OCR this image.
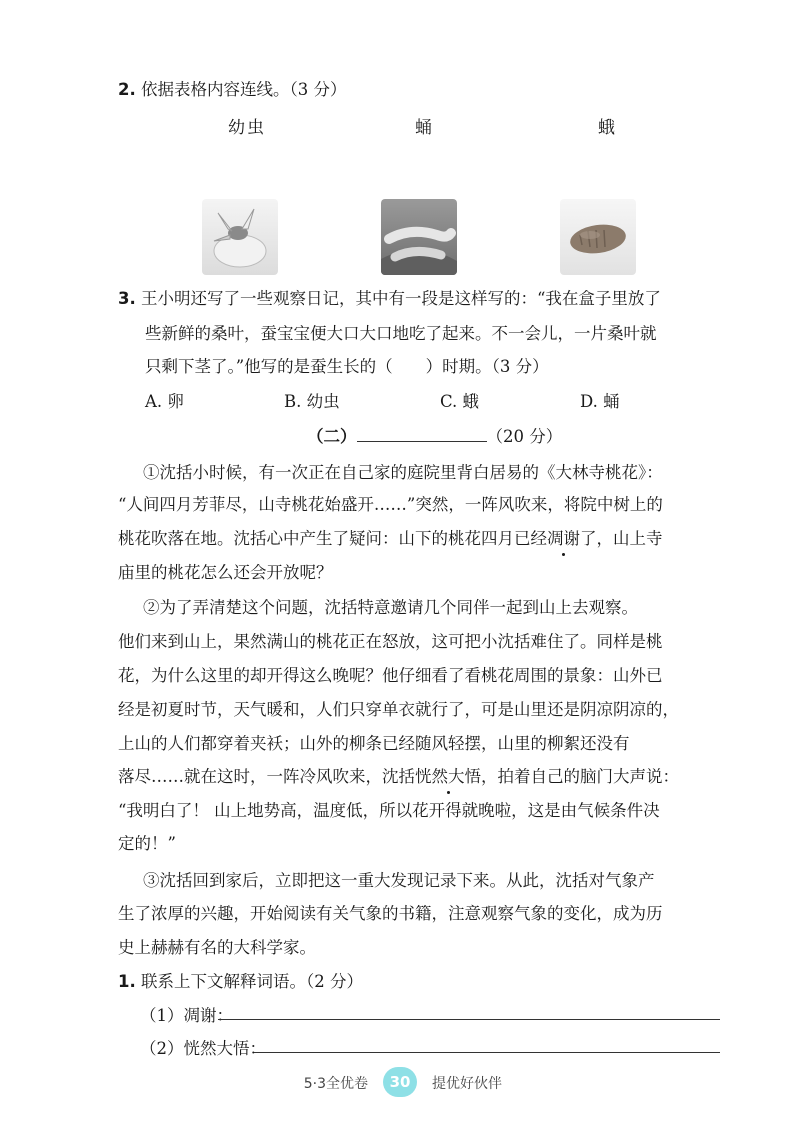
2. 依据表格内容连线。（3 分）
幼虫	蛹	蛾
3. 王小明还写了一些观察日记，其中有一段是这样写的：“我在盒子里放了
些新鲜的桑叶，蚕宝宝便大口大口地吃了起来。不一会儿，一片桑叶就
只剩下茎了。”他写的是蚕生长的（　　）时期。（3 分）
A. 卵	B. 幼虫	C. 蛾	D. 蛹
（二）	（20 分）
①沈括小时候，有一次正在自己家的庭院里背白居易的《大林寺桃花》：
“人间四月芳菲尽，山寺桃花始盛开……”突然，一阵风吹来，将院中树上的
桃花吹落在地。沈括心中产生了疑问：山下的桃花四月已经凋谢了，山上寺
庙里的桃花怎么还会开放呢？
②为了弄清楚这个问题，沈括特意邀请几个同伴一起到山上去观察。
他们来到山上，果然满山的桃花正在怒放，这可把小沈括难住了。同样是桃
花，为什么这里的却开得这么晚呢？他仔细看了看桃花周围的景象：山外已
经是初夏时节，天气暖和，人们只穿单衣就行了，可是山里还是阴凉阴凉的，
上山的人们都穿着夹袄；山外的柳条已经随风轻摆，山里的柳絮还没有
落尽……就在这时，一阵冷风吹来，沈括恍然大悟，拍着自己的脑门大声说：
“我明白了！ 山上地势高，温度低，所以花开得就晚啦，这是由气候条件决
定的！”
③沈括回到家后，立即把这一重大发现记录下来。从此，沈括对气象产
生了浓厚的兴趣，开始阅读有关气象的书籍，注意观察气象的变化，成为历
史上赫赫有名的大科学家。
1. 联系上下文解释词语。（2 分）
（1）凋谢：
（2）恍然大悟：
5·3全优卷	30	提优好伙伴
